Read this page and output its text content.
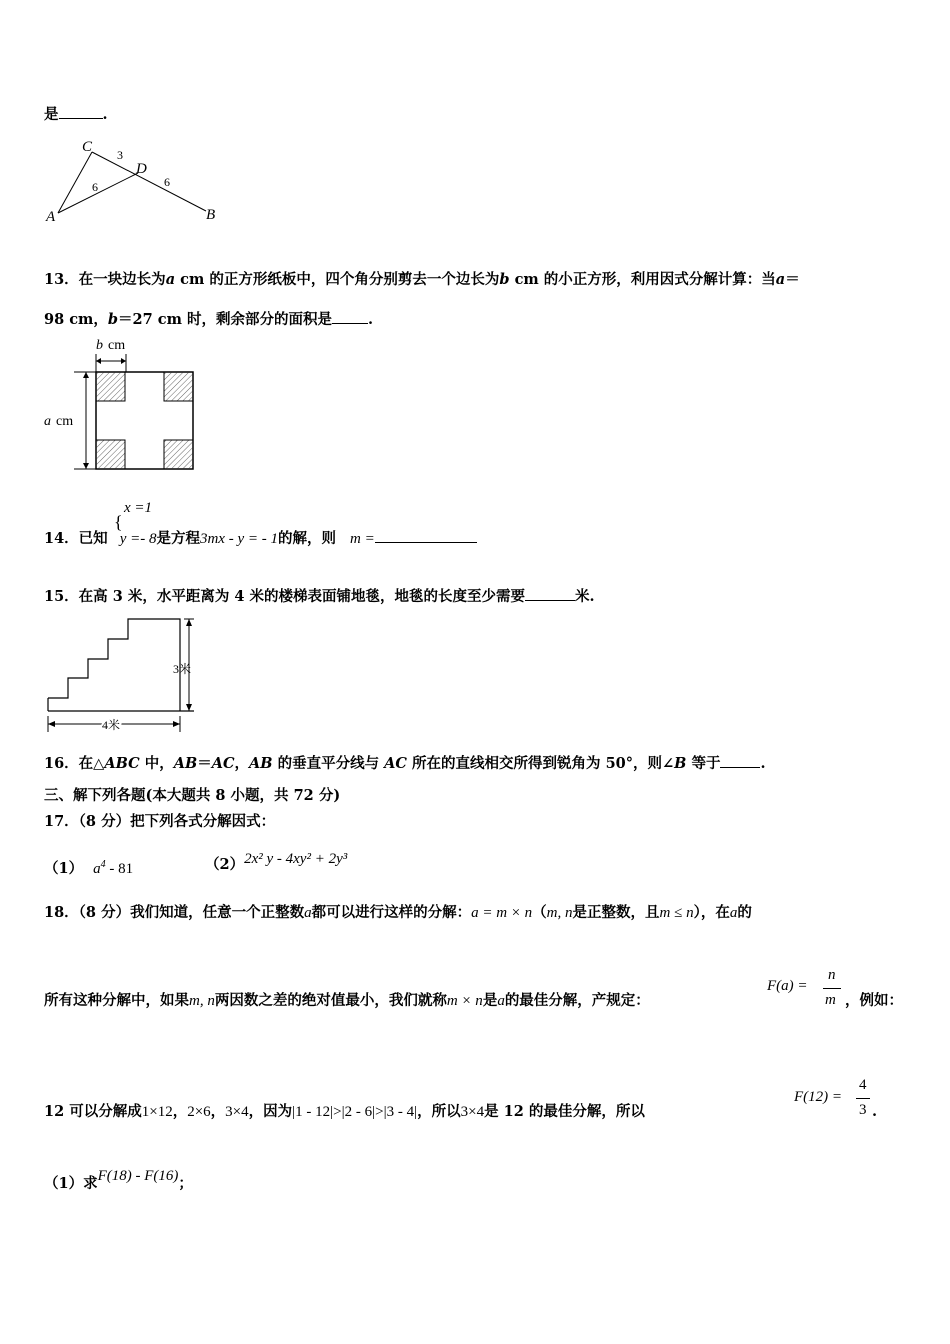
是	.
C
D
A	B
3
6	6
13．在一块边长为a cm 的正方形纸板中，四个角分别剪去一个边长为b cm 的小正方形，利用因式分解计算：当a＝
98 cm，b＝27 cm 时，剩余部分的面积是 .
b cm
a cm
x =1
{
14．已知 y =- 8是方程3mx - y = - 1的解，则 m =
15．在高 3 米，水平距离为 4 米的楼梯表面铺地毯，地毯的长度至少需要	米.
3米
4米
16．在△ABC 中，AB＝AC，AB 的垂直平分线与 AC 所在的直线相交所得到锐角为 50°，则∠B 等于	.
三、解下列各题(本大题共 8 小题，共 72 分)
17．（8 分）把下列各式分解因式：
（1） $a^4 - 81$	（2）2x² y - 4xy² + 2y³
18．（8 分）我们知道，任意一个正整数a都可以进行这样的分解：a = m × n（m, n是正整数，且m ≤ n），在a的
所有这种分解中，如果m, n两因数之差的绝对值最小，我们就称m × n是a的最佳分解，产规定：
F(a) =
n
m ，例如：
12 可以分解成1×12，2×6，3×4，因为|1 - 12|>|2 - 6|>|3 - 4|，所以3×4是 12 的最佳分解，所以
F(12) =
4
3 .
（1）求F(18) - F(16)；
